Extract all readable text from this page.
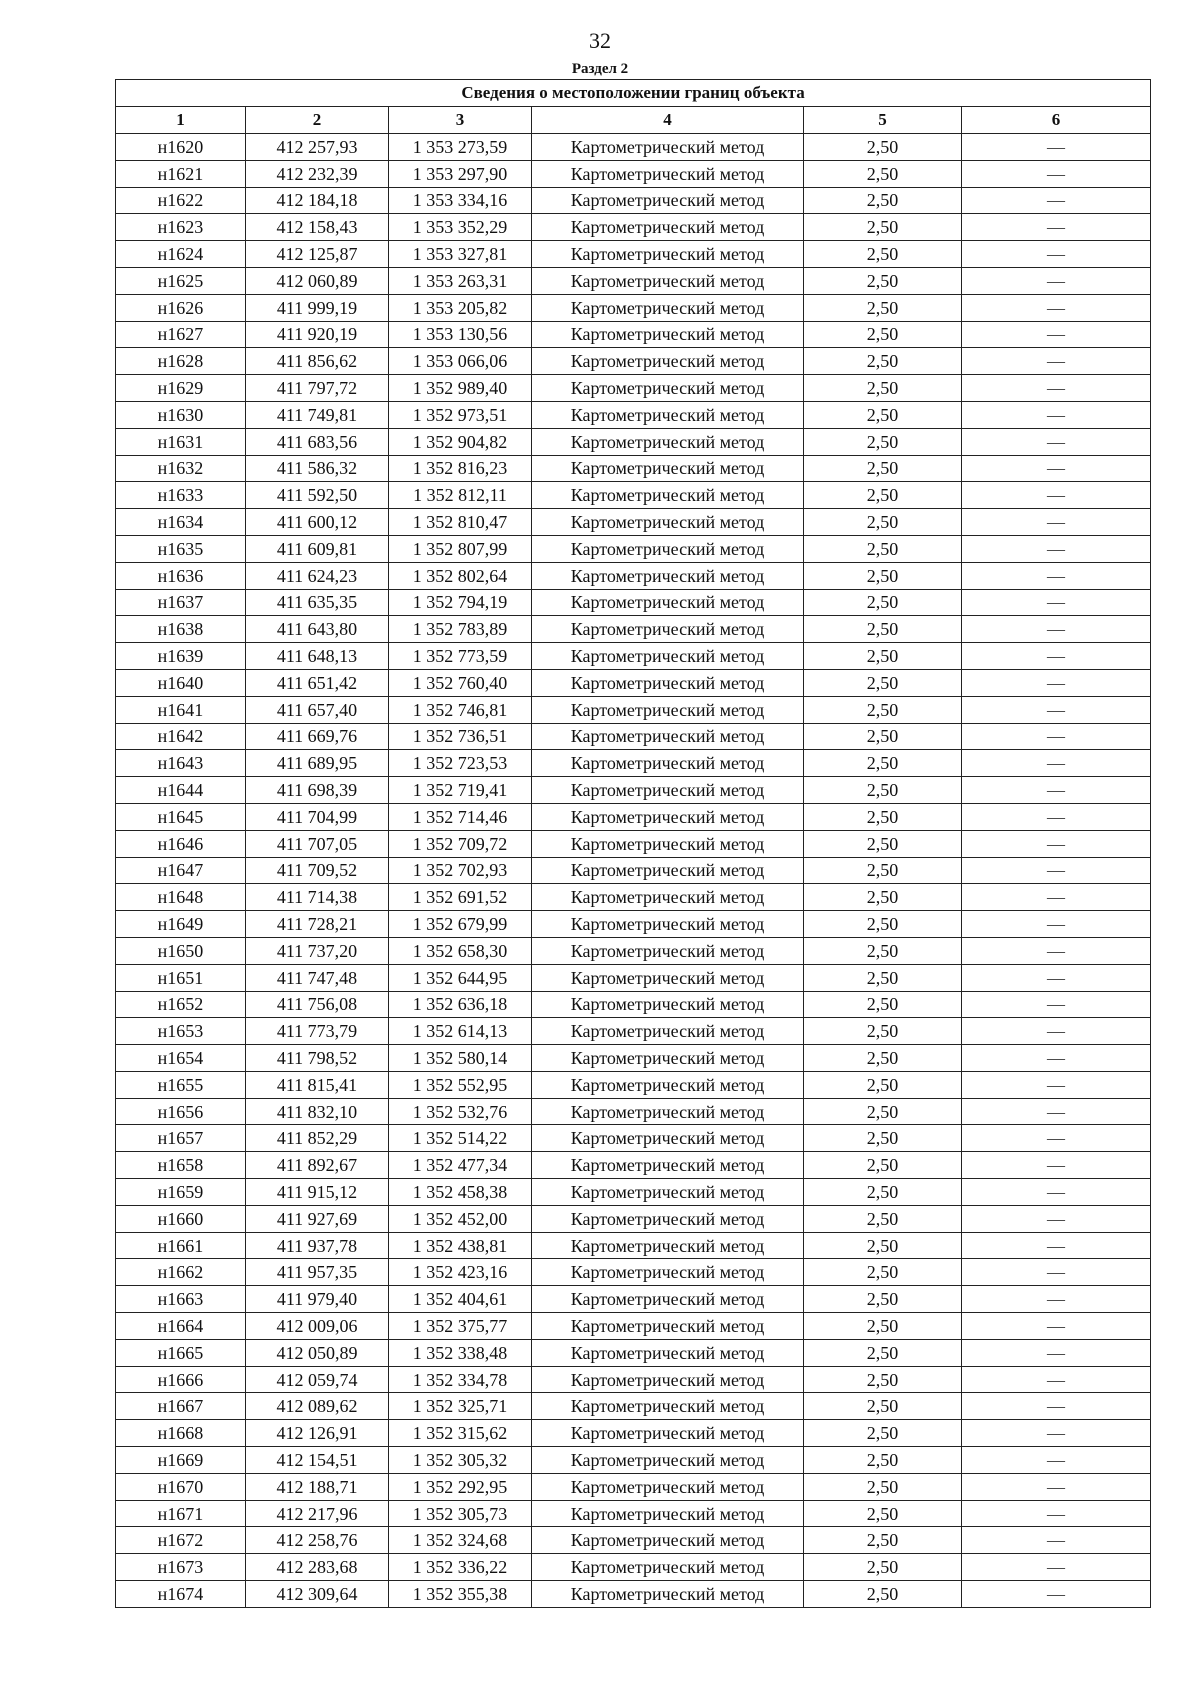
32
Раздел 2
Сведения о местоположении границ объекта					
1	2	3	4	5	6
н1620	412 257,93	1 353 273,59	Картометрический метод	2,50	—
н1621	412 232,39	1 353 297,90	Картометрический метод	2,50	—
н1622	412 184,18	1 353 334,16	Картометрический метод	2,50	—
н1623	412 158,43	1 353 352,29	Картометрический метод	2,50	—
н1624	412 125,87	1 353 327,81	Картометрический метод	2,50	—
н1625	412 060,89	1 353 263,31	Картометрический метод	2,50	—
н1626	411 999,19	1 353 205,82	Картометрический метод	2,50	—
н1627	411 920,19	1 353 130,56	Картометрический метод	2,50	—
н1628	411 856,62	1 353 066,06	Картометрический метод	2,50	—
н1629	411 797,72	1 352 989,40	Картометрический метод	2,50	—
н1630	411 749,81	1 352 973,51	Картометрический метод	2,50	—
н1631	411 683,56	1 352 904,82	Картометрический метод	2,50	—
н1632	411 586,32	1 352 816,23	Картометрический метод	2,50	—
н1633	411 592,50	1 352 812,11	Картометрический метод	2,50	—
н1634	411 600,12	1 352 810,47	Картометрический метод	2,50	—
н1635	411 609,81	1 352 807,99	Картометрический метод	2,50	—
н1636	411 624,23	1 352 802,64	Картометрический метод	2,50	—
н1637	411 635,35	1 352 794,19	Картометрический метод	2,50	—
н1638	411 643,80	1 352 783,89	Картометрический метод	2,50	—
н1639	411 648,13	1 352 773,59	Картометрический метод	2,50	—
н1640	411 651,42	1 352 760,40	Картометрический метод	2,50	—
н1641	411 657,40	1 352 746,81	Картометрический метод	2,50	—
н1642	411 669,76	1 352 736,51	Картометрический метод	2,50	—
н1643	411 689,95	1 352 723,53	Картометрический метод	2,50	—
н1644	411 698,39	1 352 719,41	Картометрический метод	2,50	—
н1645	411 704,99	1 352 714,46	Картометрический метод	2,50	—
н1646	411 707,05	1 352 709,72	Картометрический метод	2,50	—
н1647	411 709,52	1 352 702,93	Картометрический метод	2,50	—
н1648	411 714,38	1 352 691,52	Картометрический метод	2,50	—
н1649	411 728,21	1 352 679,99	Картометрический метод	2,50	—
н1650	411 737,20	1 352 658,30	Картометрический метод	2,50	—
н1651	411 747,48	1 352 644,95	Картометрический метод	2,50	—
н1652	411 756,08	1 352 636,18	Картометрический метод	2,50	—
н1653	411 773,79	1 352 614,13	Картометрический метод	2,50	—
н1654	411 798,52	1 352 580,14	Картометрический метод	2,50	—
н1655	411 815,41	1 352 552,95	Картометрический метод	2,50	—
н1656	411 832,10	1 352 532,76	Картометрический метод	2,50	—
н1657	411 852,29	1 352 514,22	Картометрический метод	2,50	—
н1658	411 892,67	1 352 477,34	Картометрический метод	2,50	—
н1659	411 915,12	1 352 458,38	Картометрический метод	2,50	—
н1660	411 927,69	1 352 452,00	Картометрический метод	2,50	—
н1661	411 937,78	1 352 438,81	Картометрический метод	2,50	—
н1662	411 957,35	1 352 423,16	Картометрический метод	2,50	—
н1663	411 979,40	1 352 404,61	Картометрический метод	2,50	—
н1664	412 009,06	1 352 375,77	Картометрический метод	2,50	—
н1665	412 050,89	1 352 338,48	Картометрический метод	2,50	—
н1666	412 059,74	1 352 334,78	Картометрический метод	2,50	—
н1667	412 089,62	1 352 325,71	Картометрический метод	2,50	—
н1668	412 126,91	1 352 315,62	Картометрический метод	2,50	—
н1669	412 154,51	1 352 305,32	Картометрический метод	2,50	—
н1670	412 188,71	1 352 292,95	Картометрический метод	2,50	—
н1671	412 217,96	1 352 305,73	Картометрический метод	2,50	—
н1672	412 258,76	1 352 324,68	Картометрический метод	2,50	—
н1673	412 283,68	1 352 336,22	Картометрический метод	2,50	—
н1674	412 309,64	1 352 355,38	Картометрический метод	2,50	—
